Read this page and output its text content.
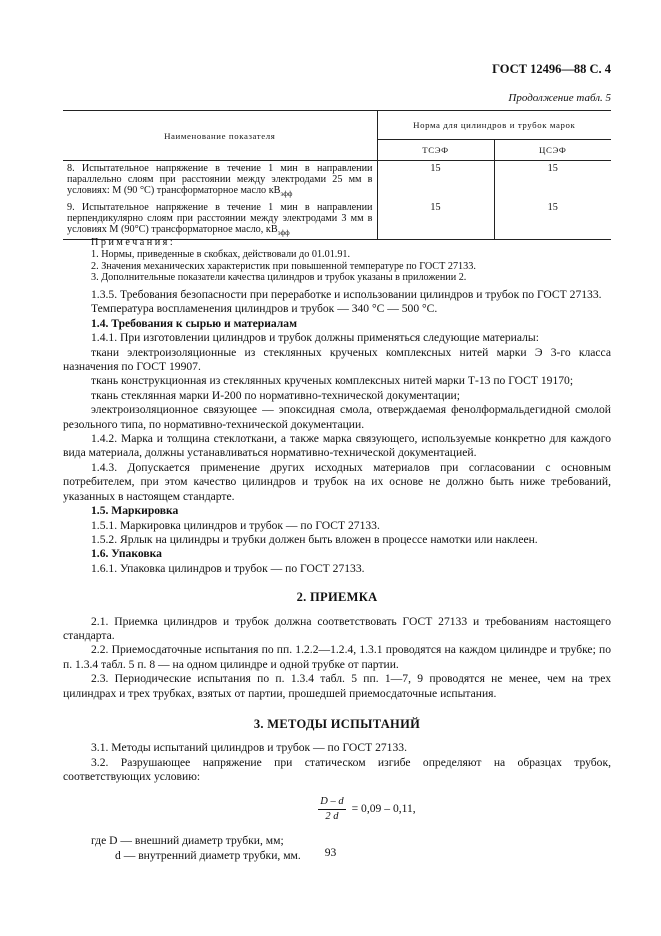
ГОСТ 12496—88 С. 4
Продолжение табл. 5
Наименование показателя	Норма для цилиндров и трубок марок	
	ТСЭФ	ЦСЭФ
8. Испытательное напряжение в течение 1 мин в направлении параллельно слоям при расстоянии между электродами 25 мм в условиях: М (90 °С) трансформаторное масло $кВ_{эфф}$	15	15
9. Испытательное напряжение в течение 1 мин в направлении перпендикулярно слоям при расстоянии между электродами 3 мм в условиях М (90°С) трансформаторное масло, $кВ_{эфф}$	15	15
Примечания:
1. Нормы, приведенные в скобках, действовали до 01.01.91.
2. Значения механических характеристик при повышенной температуре по ГОСТ 27133.
3. Дополнительные показатели качества цилиндров и трубок указаны в приложении 2.

1.3.5. Требования безопасности при переработке и использовании цилиндров и трубок по ГОСТ 27133.

Температура воспламенения цилиндров и трубок — 340 °С — 500 °С.

1.4. Требования к сырью и материалам

1.4.1. При изготовлении цилиндров и трубок должны применяться следующие материалы:

ткани электроизоляционные из стеклянных крученых комплексных нитей марки Э 3-го класса назначения по ГОСТ 19907.

ткань конструкционная из стеклянных крученых комплексных нитей марки Т-13 по ГОСТ 19170;

ткань стеклянная марки И-200 по нормативно-технической документации;

электроизоляционное связующее — эпоксидная смола, отверждаемая фенолформальдегидной смолой резольного типа, по нормативно-технической документации.

1.4.2. Марка и толщина стеклоткани, а также марка связующего, используемые конкретно для каждого вида материала, должны устанавливаться нормативно-технической документацией.

1.4.3. Допускается применение других исходных материалов при согласовании с основным потребителем, при этом качество цилиндров и трубок на их основе не должно быть ниже требований, указанных в настоящем стандарте.

1.5. Маркировка

1.5.1. Маркировка цилиндров и трубок — по ГОСТ 27133.

1.5.2. Ярлык на цилиндры и трубки должен быть вложен в процессе намотки или наклеен.

1.6. Упаковка

1.6.1. Упаковка цилиндров и трубок — по ГОСТ 27133.

2. ПРИЕМКА

2.1. Приемка цилиндров и трубок должна соответствовать ГОСТ 27133 и требованиям настоящего стандарта.

2.2. Приемосдаточные испытания по пп. 1.2.2—1.2.4, 1.3.1 проводятся на каждом цилиндре и трубке; по п. 1.3.4 табл. 5 п. 8 — на одном цилиндре и одной трубке от партии.

2.3. Периодические испытания по п. 1.3.4 табл. 5 пп. 1—7, 9 проводятся не менее, чем на трех цилиндрах и трех трубках, взятых от партии, прошедшей приемосдаточные испытания.

3. МЕТОДЫ ИСПЫТАНИЙ

3.1. Методы испытаний цилиндров и трубок — по ГОСТ 27133.

3.2. Разрушающее напряжение при статическом изгибе определяют на образцах трубок, соответствующих условию:

$\frac{D - d}{2 d} = 0,09 - 0,11$,

где D — внешний диаметр трубки, мм;

d — внутренний диаметр трубки, мм.	93
